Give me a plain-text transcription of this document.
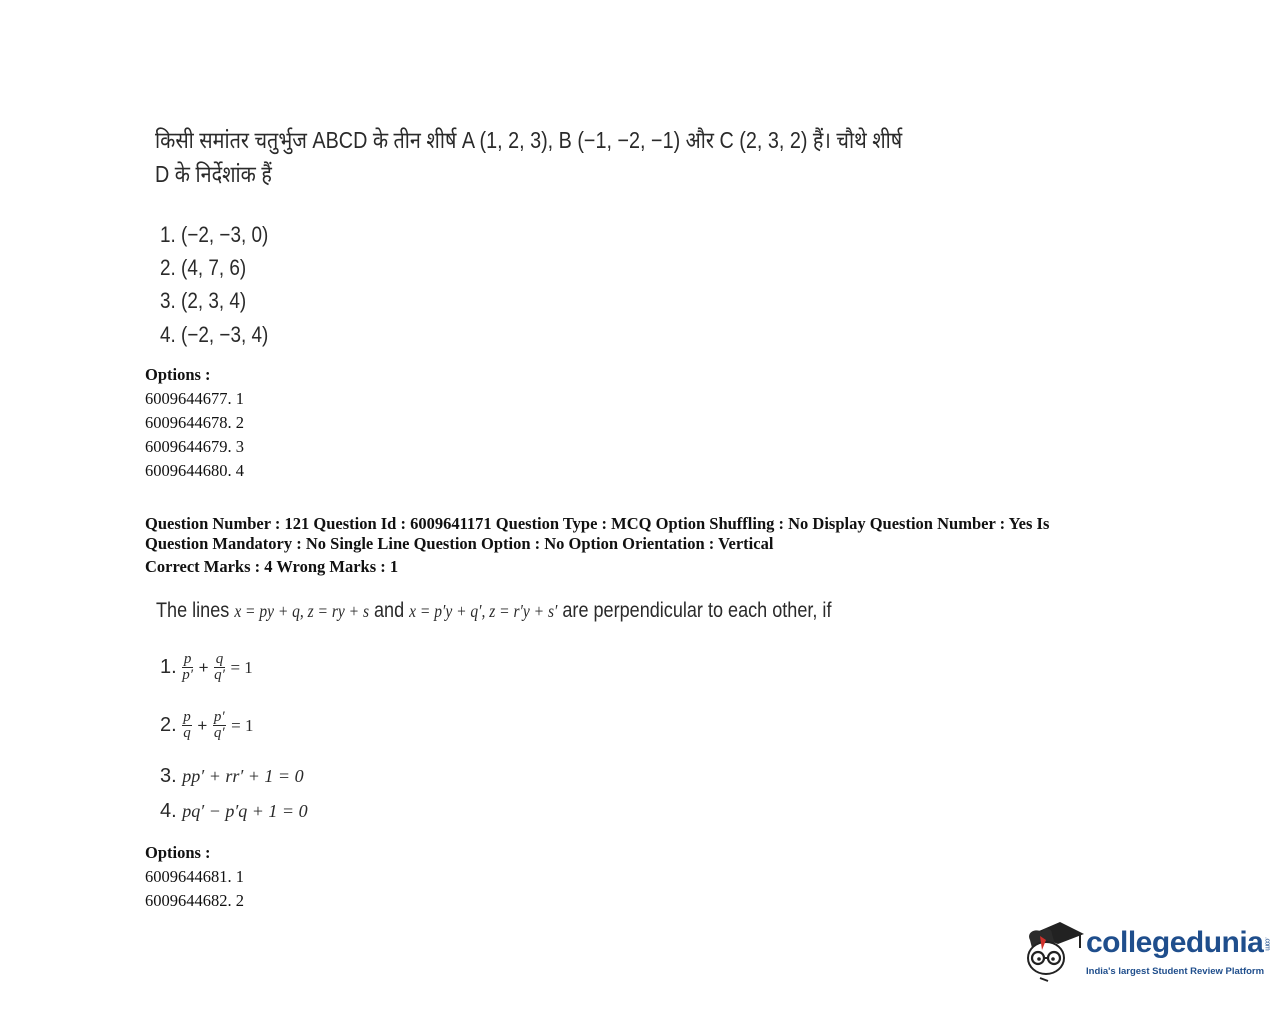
किसी समांतर चतुर्भुज ABCD के तीन शीर्ष A (1, 2, 3), B (−1, −2, −1) और C (2, 3, 2) हैं। चौथे शीर्ष D के निर्देशांक हैं
1. (−2, −3, 0)
2. (4, 7, 6)
3. (2, 3, 4)
4. (−2, −3, 4)
Options :
6009644677. 1
6009644678. 2
6009644679. 3
6009644680. 4
Question Number : 121 Question Id : 6009641171 Question Type : MCQ Option Shuffling : No Display Question Number : Yes Is
Question Mandatory : No Single Line Question Option : No Option Orientation : Vertical
Correct Marks : 4 Wrong Marks : 1
The lines x = py + q, z = ry + s and x = p′y + q′, z = r′y + s′ are perpendicular to each other, if
1. $\frac{p}{p'} + \frac{q}{q'} = 1$
2. $\frac{p}{q} + \frac{p'}{q'} = 1$
3. pp′ + rr′ + 1 = 0
4. pq′ − p′q + 1 = 0
Options :
6009644681. 1
6009644682. 2
collegedunia.com
India's largest Student Review Platform
